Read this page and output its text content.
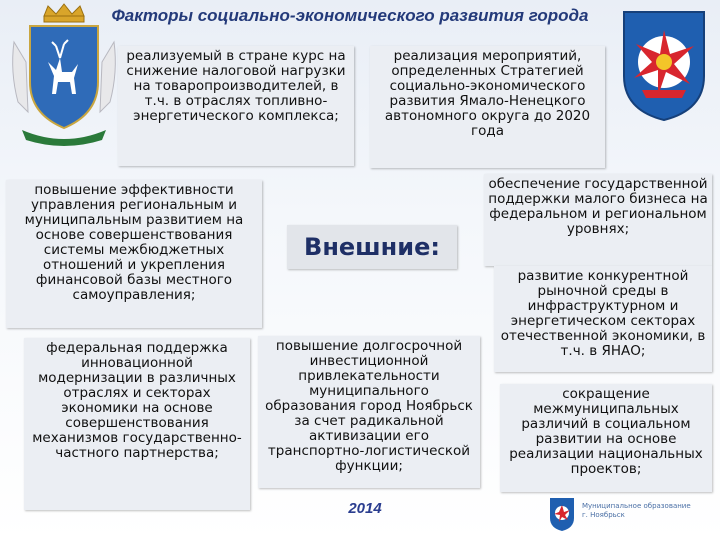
Факторы социально-экономического развития города
реализуемый в стране курс на снижение налоговой нагрузки на товаропроизводителей, в т.ч. в отраслях топливно-энергетического комплекса;
реализация мероприятий, определенных Стратегией социально-экономического развития Ямало-Ненецкого автономного округа до 2020 года
повышение эффективности управления региональным и муниципальным развитием на основе совершенствования системы межбюджетных отношений и укрепления финансовой базы местного самоуправления;
Внешние:
обеспечение государственной поддержки малого бизнеса на федеральном и региональном уровнях;
развитие конкурентной рыночной среды в инфраструктурном и энергетическом секторах отечественной экономики, в т.ч. в ЯНАО;
федеральная поддержка инновационной модернизации в различных отраслях и секторах экономики на основе совершенствования механизмов государственно-частного партнерства;
повышение долгосрочной инвестиционной привлекательности муниципального образования город Ноябрьск за счет радикальной активизации его транспортно-логистической функции;
сокращение межмуниципальных различий в социальном развитии на основе реализации национальных проектов;
2014	Муниципальное образование
г. Ноябрьск
